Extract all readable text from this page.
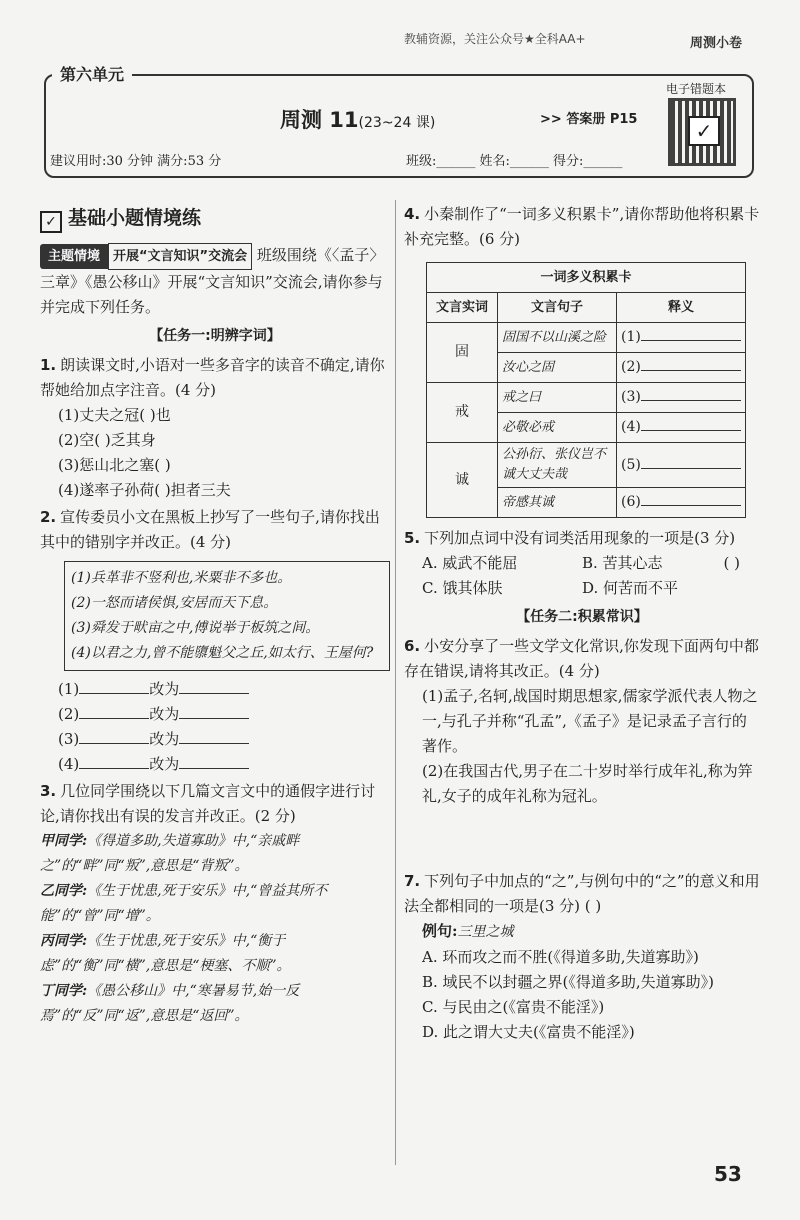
教辅资源，关注公众号★全科AA+	周测小卷
第六单元
电子错题本
✓
周测 11(23~24 课)	>> 答案册 P15
建议用时:30 分钟 满分:53 分	班级:______ 姓名:______ 得分:______
✓ 基础小题情境练
主题情境 开展“文言知识”交流会 班级围绕《〈孟子〉三章》《愚公移山》开展“文言知识”交流会,请你参与并完成下列任务。
【任务一:明辨字词】
1. 朗读课文时,小语对一些多音字的读音不确定,请你帮她给加点字注音。(4 分)
(1)丈夫之冠( )也
(2)空( )乏其身
(3)惩山北之塞( )
(4)遂率子孙荷( )担者三夫
2. 宣传委员小文在黑板上抄写了一些句子,请你找出其中的错别字并改正。(4 分)
(1)兵革非不竖利也,米粟非不多也。
(2)一怒而诸侯惧,安居而天下息。
(3)舜发于畎亩之中,傅说举于板筑之间。
(4)以君之力,曾不能隳魁父之丘,如太行、王屋何?
(1)	改为
(2)	改为
(3)	改为
(4)	改为
3. 几位同学围绕以下几篇文言文中的通假字进行讨论,请你找出有误的发言并改正。(2 分)
甲同学:《得道多助,失道寡助》中,“亲戚畔之”的“畔”同“叛”,意思是“背叛”。
乙同学:《生于忧患,死于安乐》中,“曾益其所不能”的“曾”同“增”。
丙同学:《生于忧患,死于安乐》中,“衡于虑”的“衡”同“横”,意思是“梗塞、不顺”。
丁同学:《愚公移山》中,“寒暑易节,始一反焉”的“反”同“返”,意思是“返回”。
4. 小秦制作了“一词多义积累卡”,请你帮助他将积累卡补充完整。(6 分)
一词多义积累卡		
文言实词	文言句子	释义
固	固国不以山溪之险	(1)
	汝心之固	(2)
戒	戒之曰	(3)
	必敬必戒	(4)
诚	公孙衍、张仪岂不诚大丈夫哉	(5)
	帝感其诚	(6)
5. 下列加点词中没有词类活用现象的一项是(3 分)
( )
A. 威武不能屈	B. 苦其心志
C. 饿其体肤	D. 何苦而不平
【任务二:积累常识】
6. 小安分享了一些文学文化常识,你发现下面两句中都存在错误,请将其改正。(4 分)
(1)孟子,名轲,战国时期思想家,儒家学派代表人物之一,与孔子并称“孔孟”,《孟子》是记录孟子言行的著作。
(2)在我国古代,男子在二十岁时举行成年礼,称为笄礼,女子的成年礼称为冠礼。
7. 下列句子中加点的“之”,与例句中的“之”的意义和用法全都相同的一项是(3 分) ( )
例句:三里之城
A. 环而攻之而不胜(《得道多助,失道寡助》)
B. 域民不以封疆之界(《得道多助,失道寡助》)
C. 与民由之(《富贵不能淫》)
D. 此之谓大丈夫(《富贵不能淫》)
53
